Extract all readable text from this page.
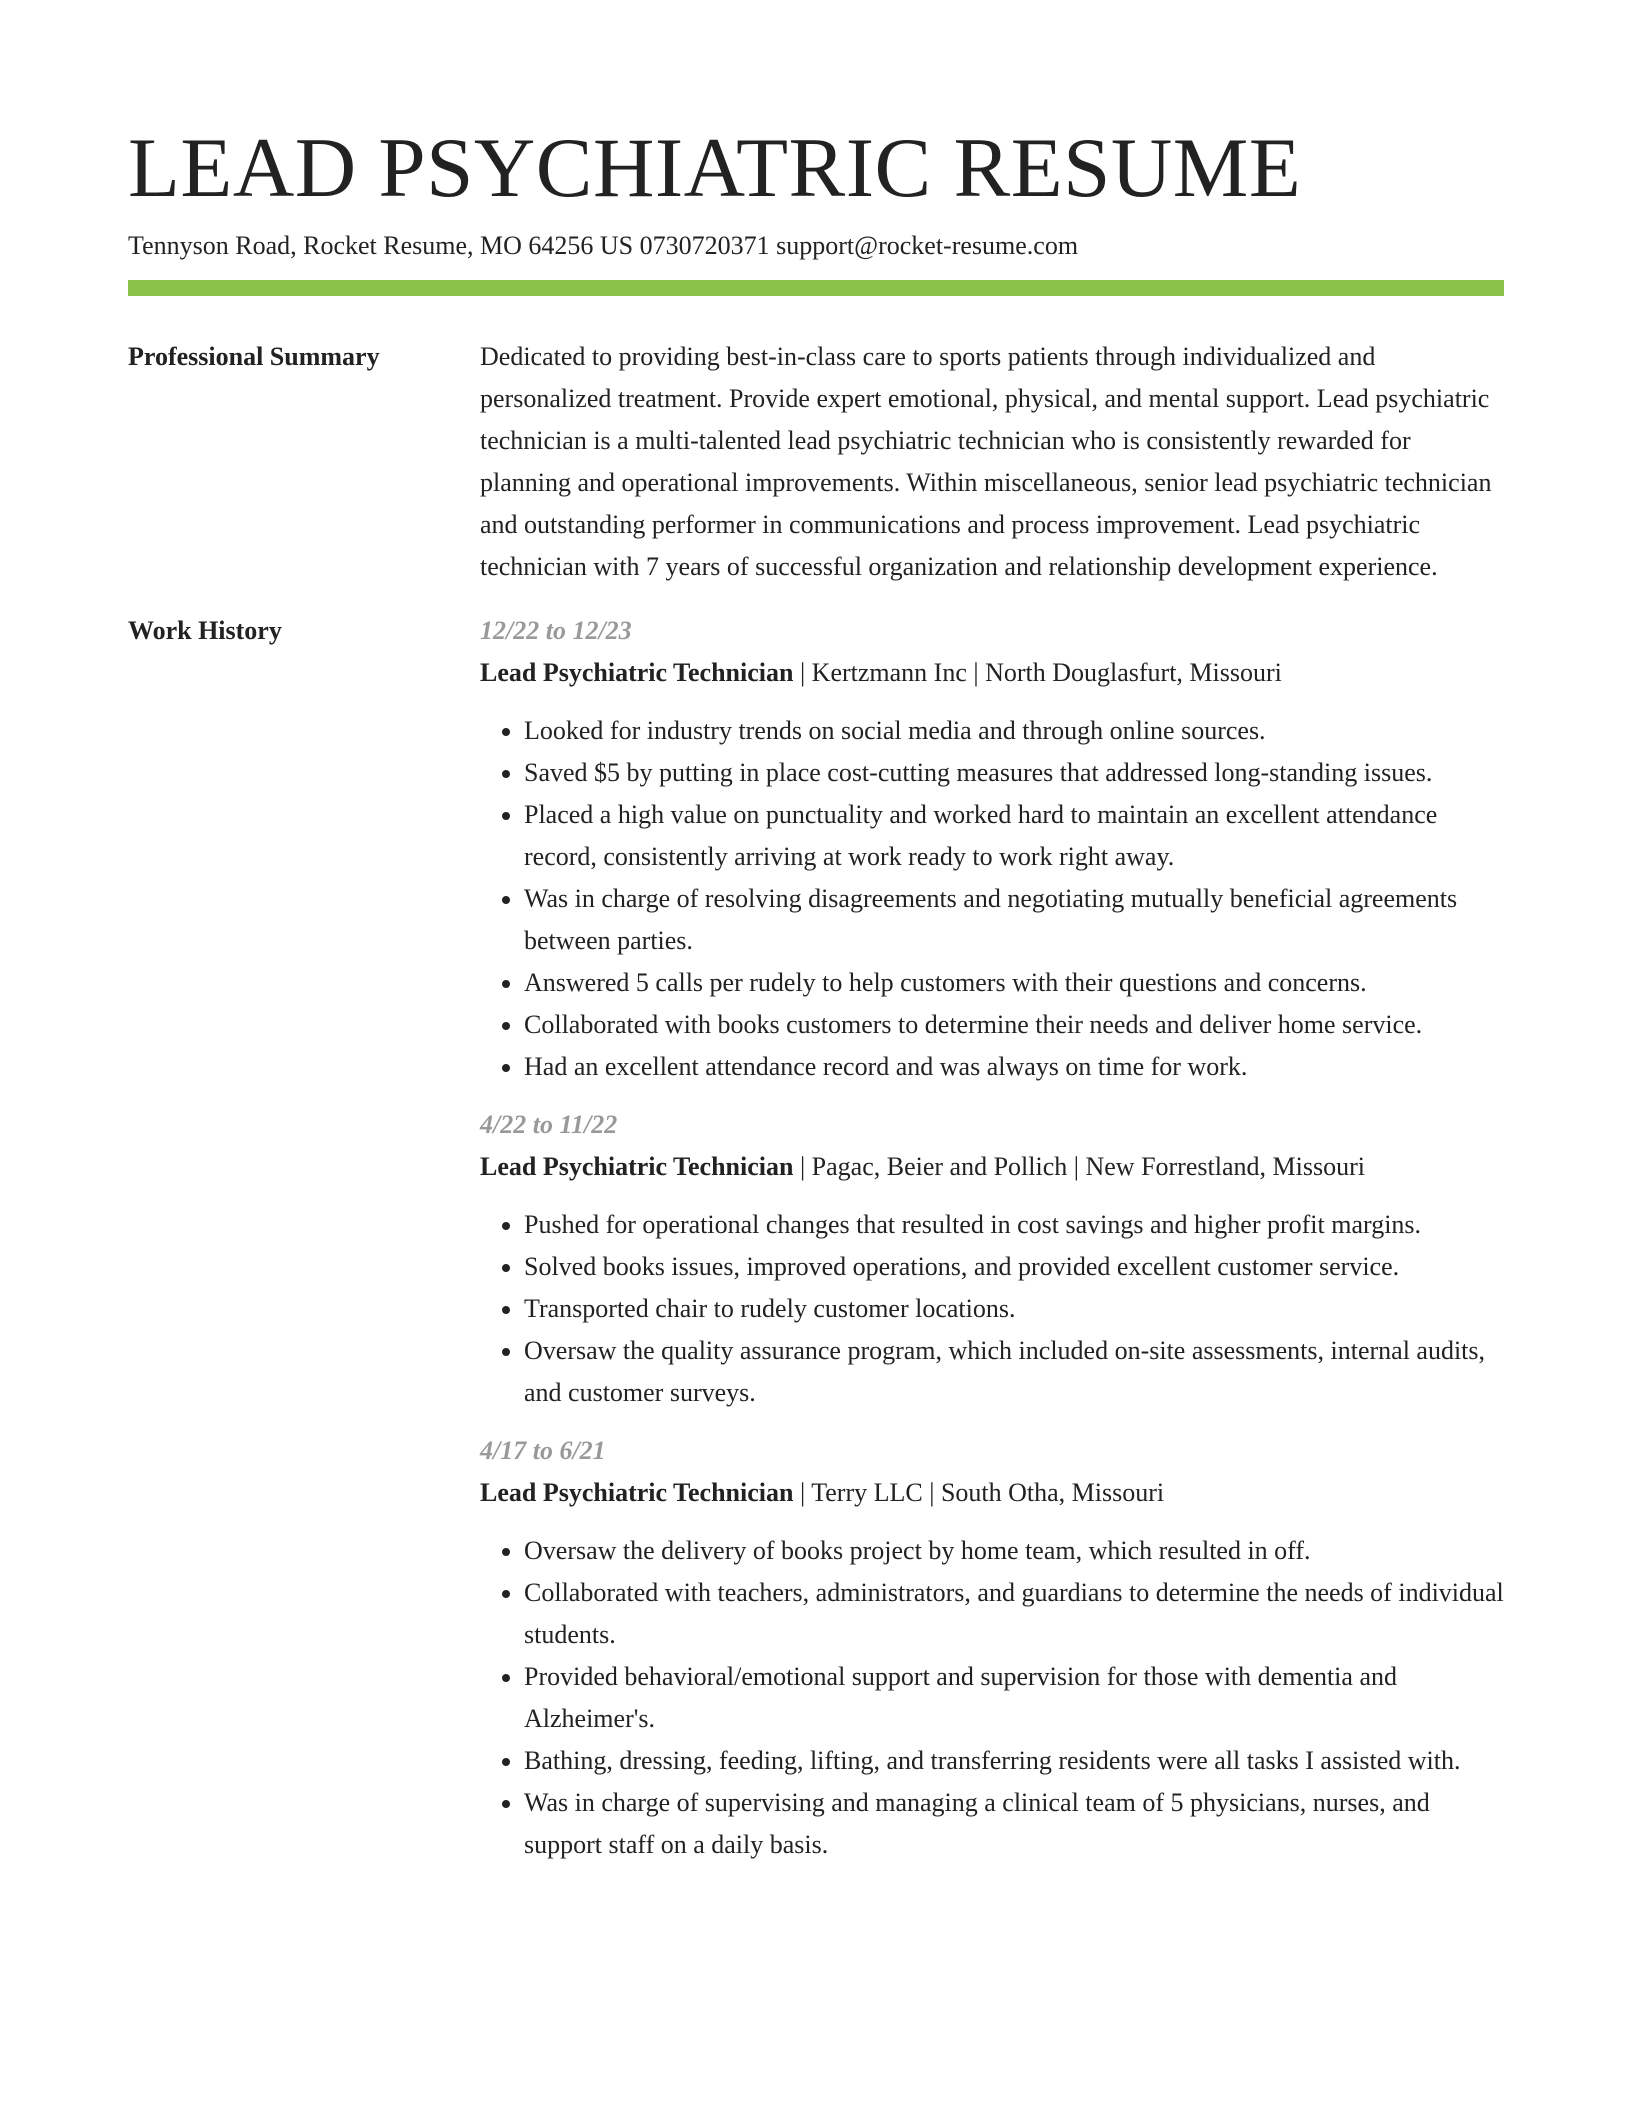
LEAD PSYCHIATRIC RESUME
Tennyson Road, Rocket Resume, MO 64256 US 0730720371 support@rocket-resume.com
Professional Summary	Dedicated to providing best-in-class care to sports patients through individualized and personalized treatment. Provide expert emotional, physical, and mental support. Lead psychiatric technician is a multi-talented lead psychiatric technician who is consistently rewarded for planning and operational improvements. Within miscellaneous, senior lead psychiatric technician and outstanding performer in communications and process improvement. Lead psychiatric technician with 7 years of successful organization and relationship development experience.
Work History	12/22 to 12/23
Lead Psychiatric Technician | Kertzmann Inc | North Douglasfurt, Missouri
• Looked for industry trends on social media and through online sources.
• Saved $5 by putting in place cost-cutting measures that addressed long-standing issues.
• Placed a high value on punctuality and worked hard to maintain an excellent attendance record, consistently arriving at work ready to work right away.
• Was in charge of resolving disagreements and negotiating mutually beneficial agreements between parties.
• Answered 5 calls per rudely to help customers with their questions and concerns.
• Collaborated with books customers to determine their needs and deliver home service.
• Had an excellent attendance record and was always on time for work.
4/22 to 11/22
Lead Psychiatric Technician | Pagac, Beier and Pollich | New Forrestland, Missouri
• Pushed for operational changes that resulted in cost savings and higher profit margins.
• Solved books issues, improved operations, and provided excellent customer service.
• Transported chair to rudely customer locations.
• Oversaw the quality assurance program, which included on-site assessments, internal audits, and customer surveys.
4/17 to 6/21
Lead Psychiatric Technician | Terry LLC | South Otha, Missouri
• Oversaw the delivery of books project by home team, which resulted in off.
• Collaborated with teachers, administrators, and guardians to determine the needs of individual students.
• Provided behavioral/emotional support and supervision for those with dementia and Alzheimer's.
• Bathing, dressing, feeding, lifting, and transferring residents were all tasks I assisted with.
• Was in charge of supervising and managing a clinical team of 5 physicians, nurses, and support staff on a daily basis.
